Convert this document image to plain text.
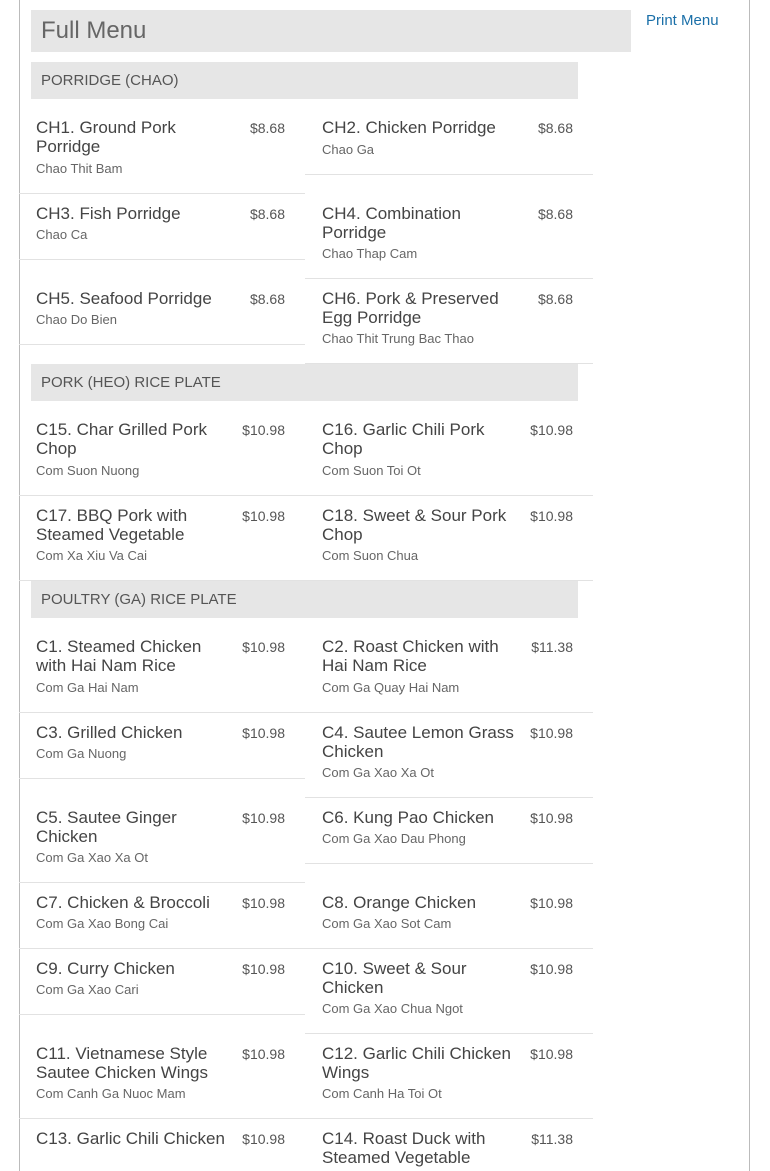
Full Menu	Print Menu
PORRIDGE (CHAO)
CH1. Ground Pork Porridge
$8.68
Chao Thit Bam
CH2. Chicken Porridge	$8.68
Chao Ga
CH3. Fish Porridge	$8.68
Chao Ca
CH4. Combination Porridge
$8.68
Chao Thap Cam
CH5. Seafood Porridge	$8.68
Chao Do Bien
CH6. Pork & Preserved Egg Porridge
$8.68
Chao Thit Trung Bac Thao
PORK (HEO) RICE PLATE
C15. Char Grilled Pork Chop
$10.98
Com Suon Nuong
C16. Garlic Chili Pork Chop
$10.98
Com Suon Toi Ot
C17. BBQ Pork with Steamed Vegetable
$10.98
Com Xa Xiu Va Cai
C18. Sweet & Sour Pork Chop
$10.98
Com Suon Chua
POULTRY (GA) RICE PLATE
C1. Steamed Chicken with Hai Nam Rice
$10.98
Com Ga Hai Nam
C2. Roast Chicken with Hai Nam Rice
$11.38
Com Ga Quay Hai Nam
C3. Grilled Chicken	$10.98
Com Ga Nuong
C4. Sautee Lemon Grass Chicken
$10.98
Com Ga Xao Xa Ot
C5. Sautee Ginger Chicken
$10.98
Com Ga Xao Xa Ot
C6. Kung Pao Chicken	$10.98
Com Ga Xao Dau Phong
C7. Chicken & Broccoli	$10.98
Com Ga Xao Bong Cai
C8. Orange Chicken	$10.98
Com Ga Xao Sot Cam
C9. Curry Chicken	$10.98
Com Ga Xao Cari
C10. Sweet & Sour Chicken
$10.98
Com Ga Xao Chua Ngot
C11. Vietnamese Style Sautee Chicken Wings
$10.98
Com Canh Ga Nuoc Mam
C12. Garlic Chili Chicken Wings
$10.98
Com Canh Ha Toi Ot
C13. Garlic Chili Chicken	$10.98 C14. Roast Duck with Steamed Vegetable
$11.38
